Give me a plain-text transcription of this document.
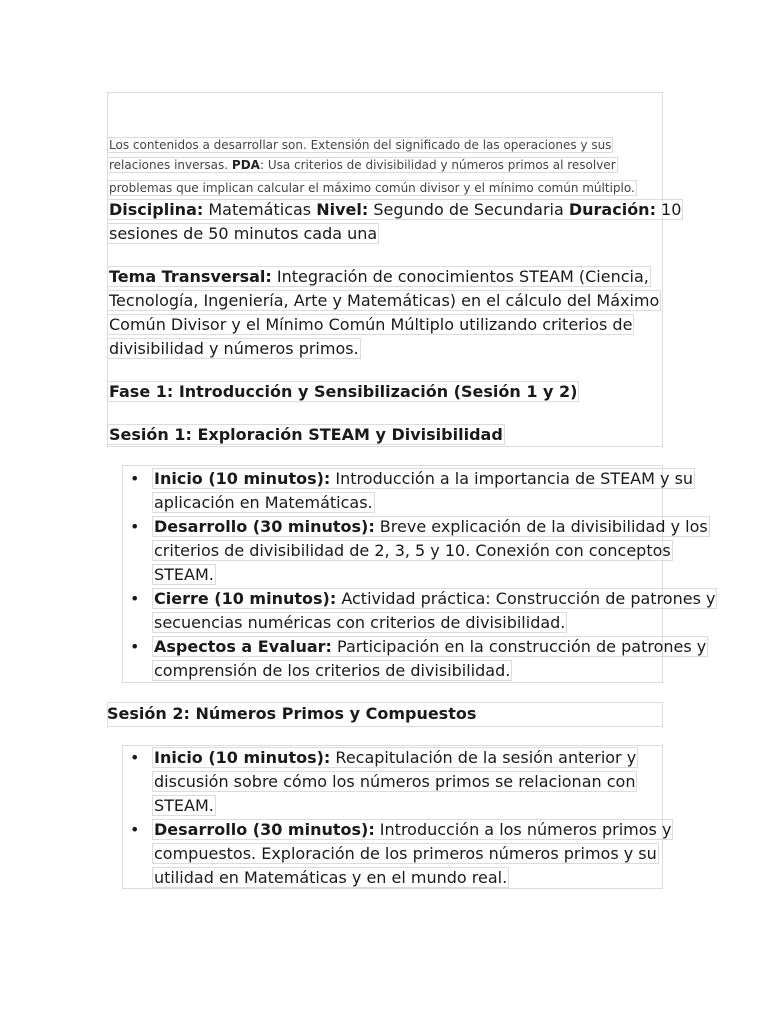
Los contenidos a desarrollar son. Extensión del significado de las operaciones y sus
relaciones inversas. PDA: Usa criterios de divisibilidad y números primos al resolver
problemas que implican calcular el máximo común divisor y el mínimo común múltiplo.
Disciplina: Matemáticas Nivel: Segundo de Secundaria Duración: 10
sesiones de 50 minutos cada una
Tema Transversal: Integración de conocimientos STEAM (Ciencia,
Tecnología, Ingeniería, Arte y Matemáticas) en el cálculo del Máximo
Común Divisor y el Mínimo Común Múltiplo utilizando criterios de
divisibilidad y números primos.
Fase 1: Introducción y Sensibilización (Sesión 1 y 2)
Sesión 1: Exploración STEAM y Divisibilidad
• Inicio (10 minutos): Introducción a la importancia de STEAM y su
aplicación en Matemáticas.
• Desarrollo (30 minutos): Breve explicación de la divisibilidad y los
criterios de divisibilidad de 2, 3, 5 y 10. Conexión con conceptos
STEAM.
• Cierre (10 minutos): Actividad práctica: Construcción de patrones y
secuencias numéricas con criterios de divisibilidad.
• Aspectos a Evaluar: Participación en la construcción de patrones y
comprensión de los criterios de divisibilidad.
Sesión 2: Números Primos y Compuestos
• Inicio (10 minutos): Recapitulación de la sesión anterior y
discusión sobre cómo los números primos se relacionan con
STEAM.
• Desarrollo (30 minutos): Introducción a los números primos y
compuestos. Exploración de los primeros números primos y su
utilidad en Matemáticas y en el mundo real.
